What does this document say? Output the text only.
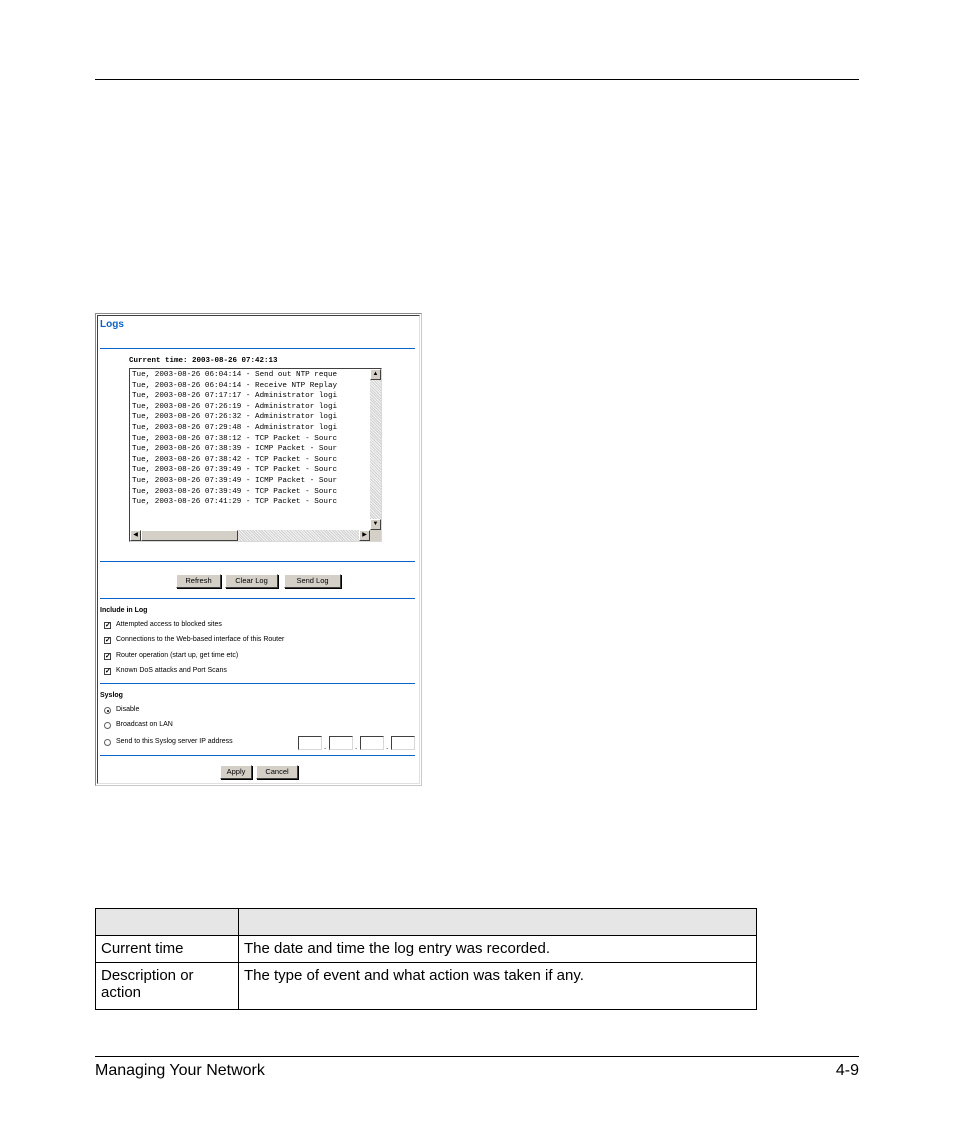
Logs
Current time: 2003-08-26 07:42:13
Tue, 2003-08-26 06:04:14 - Send out NTP reque
Tue, 2003-08-26 06:04:14 - Receive NTP Replay
Tue, 2003-08-26 07:17:17 - Administrator logi
Tue, 2003-08-26 07:26:19 - Administrator logi
Tue, 2003-08-26 07:26:32 - Administrator logi
Tue, 2003-08-26 07:29:48 - Administrator logi
Tue, 2003-08-26 07:38:12 - TCP Packet - Sourc
Tue, 2003-08-26 07:38:39 - ICMP Packet - Sour
Tue, 2003-08-26 07:38:42 - TCP Packet - Sourc
Tue, 2003-08-26 07:39:49 - TCP Packet - Sourc
Tue, 2003-08-26 07:39:49 - ICMP Packet - Sour
Tue, 2003-08-26 07:39:49 - TCP Packet - Sourc
Tue, 2003-08-26 07:41:29 - TCP Packet - Sourc
▲
▼
◀	▶
Refresh	Clear Log	Send Log
Include in Log
✓ Attempted access to blocked sites
✓ Connections to the Web-based interface of this Router
✓ Router operation (start up, get time etc)
✓ Known DoS attacks and Port Scans
Syslog
Disable
Broadcast on LAN
Send to this Syslog server IP address
.	.	.
Apply	Cancel

Current time	The date and time the log entry was recorded.
Description or action	The type of event and what action was taken if any.
Managing Your Network	4-9
